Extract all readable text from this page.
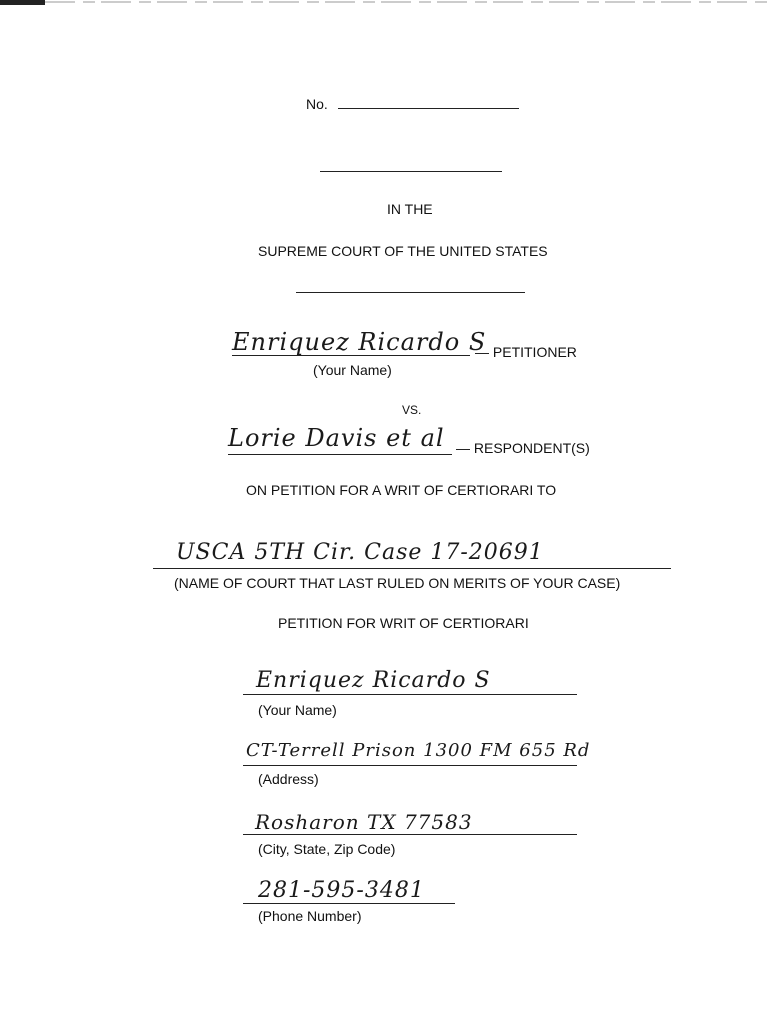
No.
IN THE
SUPREME COURT OF THE UNITED STATES
Enriquez Ricardo S
— PETITIONER
(Your Name)
VS.
Lorie Davis et al — RESPONDENT(S)
ON PETITION FOR A WRIT OF CERTIORARI TO
USCA 5TH Cir. Case 17-20691
(NAME OF COURT THAT LAST RULED ON MERITS OF YOUR CASE)
PETITION FOR WRIT OF CERTIORARI
Enriquez Ricardo S
(Your Name)
CT-Terrell Prison 1300 FM 655 Rd
(Address)
Rosharon TX 77583
(City, State, Zip Code)
281-595-3481
(Phone Number)
